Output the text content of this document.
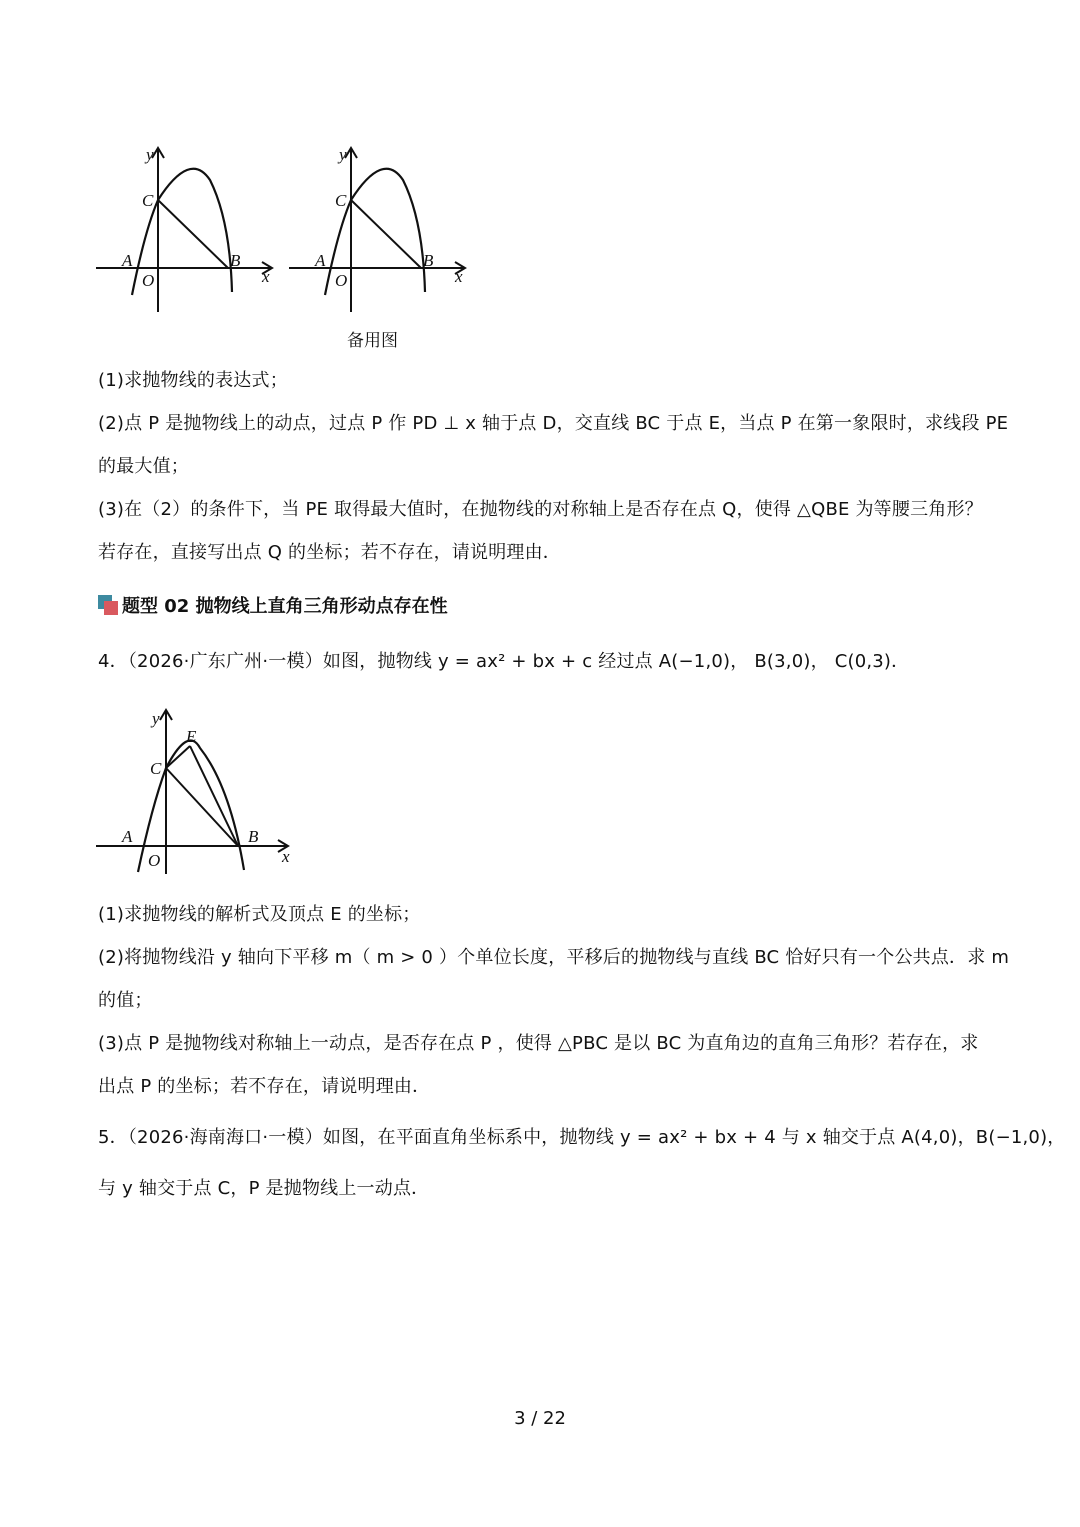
y
x
C
A
O
B
y
x
C
A
O
B
备用图
(1)求抛物线的表达式；
(2)点 P 是抛物线上的动点，过点 P 作 PD ⊥ x 轴于点 D，交直线 BC 于点 E，当点 P 在第一象限时，求线段 PE
的最大值；
(3)在（2）的条件下，当 PE 取得最大值时，在抛物线的对称轴上是否存在点 Q，使得 △QBE 为等腰三角形？
若存在，直接写出点 Q 的坐标；若不存在，请说明理由．
题型 02 抛物线上直角三角形动点存在性
4．（2026·广东广州·一模）如图，抛物线 y = ax² + bx + c 经过点 A(−1,0)， B(3,0)， C(0,3)．
y
x
C
E
A
O
B
(1)求抛物线的解析式及顶点 E 的坐标；
(2)将抛物线沿 y 轴向下平移 m（ m > 0 ）个单位长度，平移后的抛物线与直线 BC 恰好只有一个公共点．求 m
的值；
(3)点 P 是抛物线对称轴上一动点，是否存在点 P ，使得 △PBC 是以 BC 为直角边的直角三角形？若存在，求
出点 P 的坐标；若不存在，请说明理由．
5．（2026·海南海口·一模）如图，在平面直角坐标系中，抛物线 y = ax² + bx + 4 与 x 轴交于点 A(4,0)，B(−1,0)，
与 y 轴交于点 C，P 是抛物线上一动点．
3 / 22
